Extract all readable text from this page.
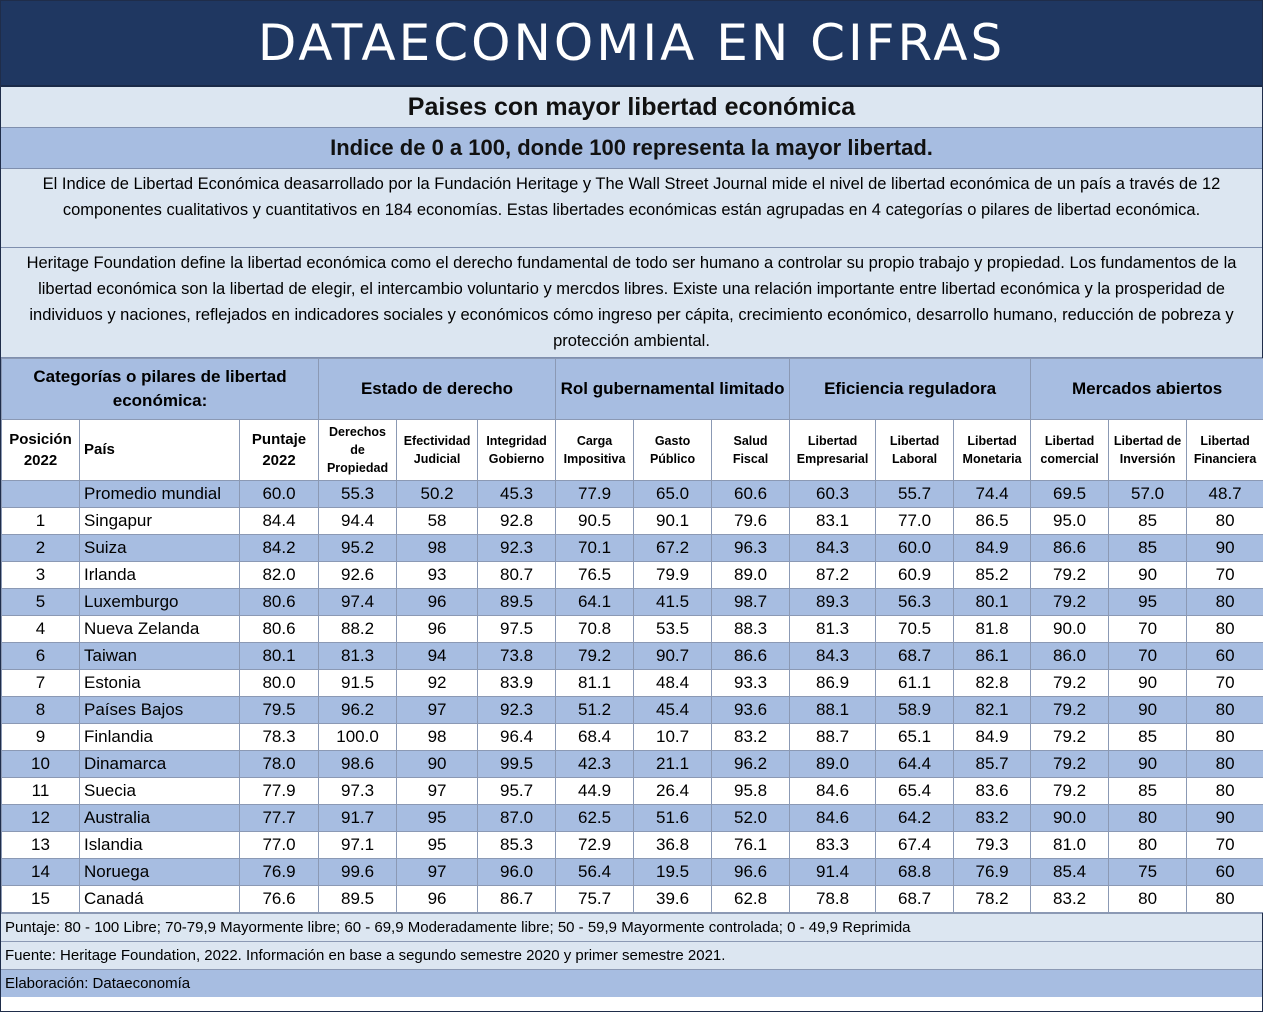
DATAECONOMIA EN CIFRAS
Paises con mayor libertad económica
Indice de 0 a 100, donde 100 representa la mayor libertad.
El Indice de Libertad Económica deasarrollado por la Fundación Heritage y The Wall Street Journal mide el nivel de libertad económica de un país a través de 12 componentes cualitativos y cuantitativos en 184 economías. Estas libertades económicas están agrupadas en 4 categorías o pilares de libertad económica.
Heritage Foundation define la libertad económica como el derecho fundamental de todo ser humano a controlar su propio trabajo y propiedad. Los fundamentos de la libertad económica son la libertad de elegir, el intercambio voluntario y mercdos libres. Existe una relación importante entre libertad económica y la prosperidad de individuos y naciones, reflejados en indicadores sociales y económicos cómo ingreso per cápita, crecimiento económico, desarrollo humano, reducción de pobreza y protección ambiental.
Categorías o pilares de libertad económica:			Estado de derecho			Rol gubernamental limitado			Eficiencia reguladora			Mercados abiertos		
Posición 2022	País	Puntaje 2022	Derechos de Propiedad	Efectividad Judicial	Integridad Gobierno	Carga Impositiva	Gasto Público	Salud Fiscal	Libertad Empresarial	Libertad Laboral	Libertad Monetaria	Libertad comercial	Libertad de Inversión	Libertad Financiera
	Promedio mundial	60.0	55.3	50.2	45.3	77.9	65.0	60.6	60.3	55.7	74.4	69.5	57.0	48.7
1	Singapur	84.4	94.4	58	92.8	90.5	90.1	79.6	83.1	77.0	86.5	95.0	85	80
2	Suiza	84.2	95.2	98	92.3	70.1	67.2	96.3	84.3	60.0	84.9	86.6	85	90
3	Irlanda	82.0	92.6	93	80.7	76.5	79.9	89.0	87.2	60.9	85.2	79.2	90	70
5	Luxemburgo	80.6	97.4	96	89.5	64.1	41.5	98.7	89.3	56.3	80.1	79.2	95	80
4	Nueva Zelanda	80.6	88.2	96	97.5	70.8	53.5	88.3	81.3	70.5	81.8	90.0	70	80
6	Taiwan	80.1	81.3	94	73.8	79.2	90.7	86.6	84.3	68.7	86.1	86.0	70	60
7	Estonia	80.0	91.5	92	83.9	81.1	48.4	93.3	86.9	61.1	82.8	79.2	90	70
8	Países Bajos	79.5	96.2	97	92.3	51.2	45.4	93.6	88.1	58.9	82.1	79.2	90	80
9	Finlandia	78.3	100.0	98	96.4	68.4	10.7	83.2	88.7	65.1	84.9	79.2	85	80
10	Dinamarca	78.0	98.6	90	99.5	42.3	21.1	96.2	89.0	64.4	85.7	79.2	90	80
11	Suecia	77.9	97.3	97	95.7	44.9	26.4	95.8	84.6	65.4	83.6	79.2	85	80
12	Australia	77.7	91.7	95	87.0	62.5	51.6	52.0	84.6	64.2	83.2	90.0	80	90
13	Islandia	77.0	97.1	95	85.3	72.9	36.8	76.1	83.3	67.4	79.3	81.0	80	70
14	Noruega	76.9	99.6	97	96.0	56.4	19.5	96.6	91.4	68.8	76.9	85.4	75	60
15	Canadá	76.6	89.5	96	86.7	75.7	39.6	62.8	78.8	68.7	78.2	83.2	80	80
Puntaje: 80 - 100 Libre; 70-79,9 Mayormente libre; 60 - 69,9 Moderadamente libre; 50 - 59,9 Mayormente controlada; 0 - 49,9 Reprimida
Fuente: Heritage Foundation, 2022. Información en base a segundo semestre 2020 y primer semestre 2021.
Elaboración: Dataeconomía
